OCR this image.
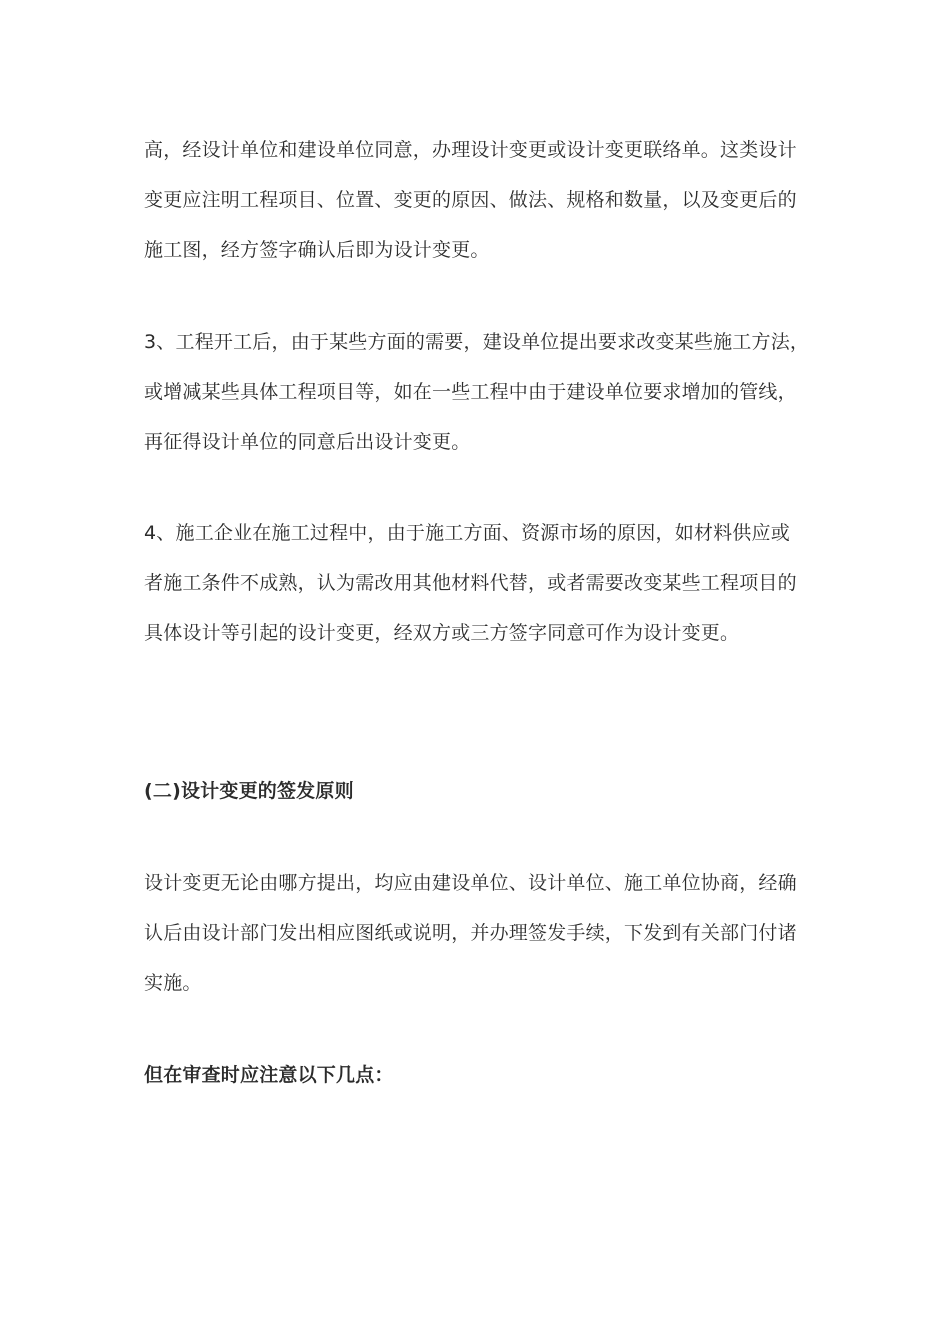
高，经设计单位和建设单位同意，办理设计变更或设计变更联络单。这类设计
变更应注明工程项目、位置、变更的原因、做法、规格和数量，以及变更后的
施工图，经方签字确认后即为设计变更。
3、工程开工后，由于某些方面的需要，建设单位提出要求改变某些施工方法，
或增减某些具体工程项目等，如在一些工程中由于建设单位要求增加的管线，
再征得设计单位的同意后出设计变更。
4、施工企业在施工过程中，由于施工方面、资源市场的原因，如材料供应或
者施工条件不成熟，认为需改用其他材料代替，或者需要改变某些工程项目的
具体设计等引起的设计变更，经双方或三方签字同意可作为设计变更。
(二)设计变更的签发原则
设计变更无论由哪方提出，均应由建设单位、设计单位、施工单位协商，经确
认后由设计部门发出相应图纸或说明，并办理签发手续，下发到有关部门付诸
实施。
但在审查时应注意以下几点：
